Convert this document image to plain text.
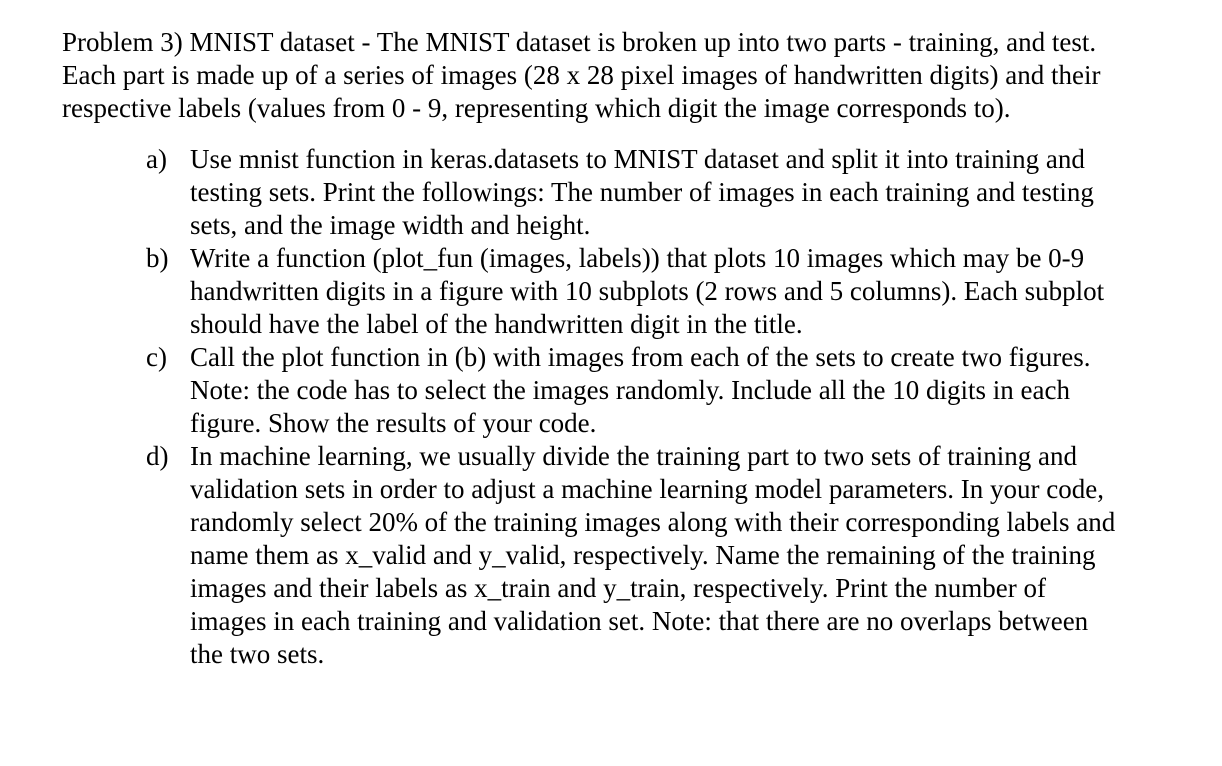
Problem 3) MNIST dataset - The MNIST dataset is broken up into two parts - training, and test.
Each part is made up of a series of images (28 x 28 pixel images of handwritten digits) and their
respective labels (values from 0 - 9, representing which digit the image corresponds to).

a) Use mnist function in keras.datasets to MNIST dataset and split it into training and
testing sets. Print the followings: The number of images in each training and testing
sets, and the image width and height.
b) Write a function (plot_fun (images, labels)) that plots 10 images which may be 0-9
handwritten digits in a figure with 10 subplots (2 rows and 5 columns). Each subplot
should have the label of the handwritten digit in the title.
c) Call the plot function in (b) with images from each of the sets to create two figures.
Note: the code has to select the images randomly. Include all the 10 digits in each
figure. Show the results of your code.
d) In machine learning, we usually divide the training part to two sets of training and
validation sets in order to adjust a machine learning model parameters. In your code,
randomly select 20% of the training images along with their corresponding labels and
name them as x_valid and y_valid, respectively. Name the remaining of the training
images and their labels as x_train and y_train, respectively. Print the number of
images in each training and validation set. Note: that there are no overlaps between
the two sets.
